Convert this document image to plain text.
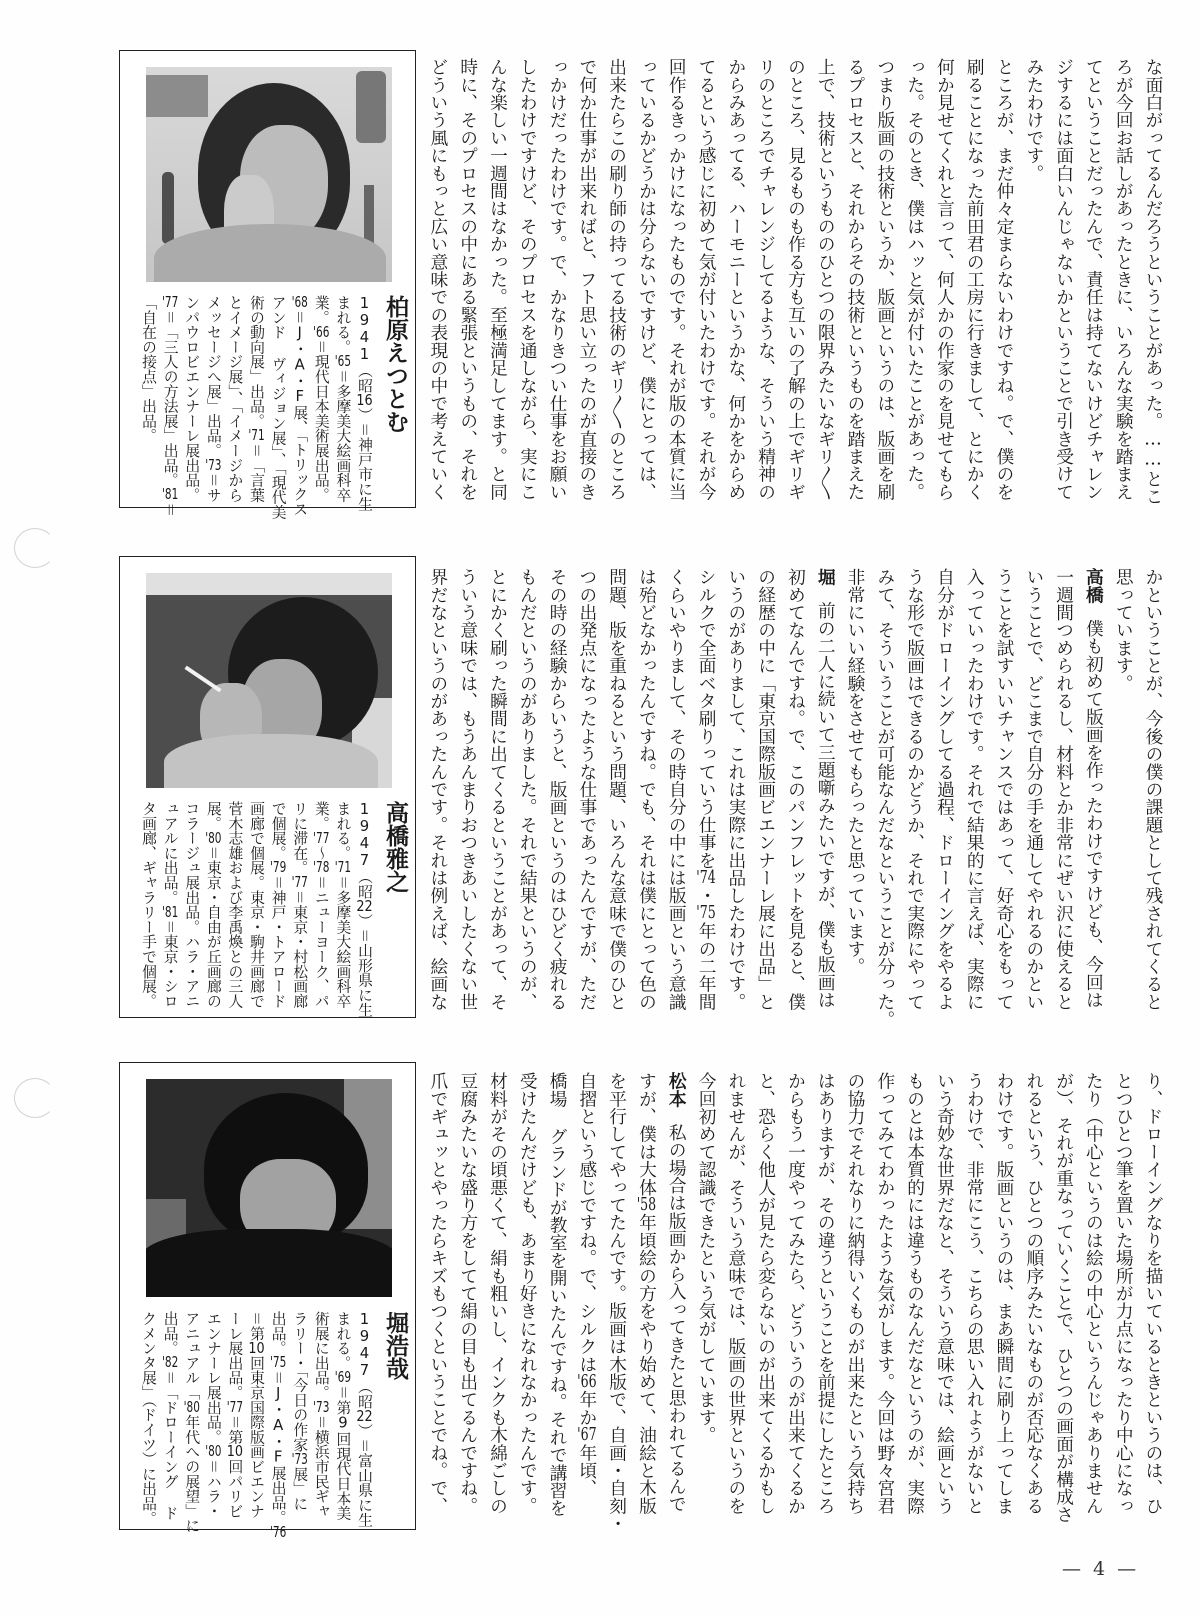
柏原えつとむ
1941（昭16）＝神戸市に生
まれる。'65＝多摩美大絵画科卒
業。'66＝現代日本美術展出品。
'68＝J・A・F展、「トリックス
アンド ヴィジョン展」、「現代美
術の動向展」出品。'71＝「言葉
とイメージ展」、「イメージから
メッセージへ展」出品。'73＝サ
ンパウロビエンナーレ展出品。
'77＝「三人の方法展」出品。'81＝
「自在の接点」出品。
高橋雅之
1947（昭22）＝山形県に生
まれる。'71＝多摩美大絵画科卒
業。'77〜'78＝ニューヨーク、パ
リに滞在。'77＝東京・村松画廊
で個展。'79＝神戸・トアロード
画廊で個展。東京・駒井画廊で
菅木志雄および李禹煥との三人
展。'80＝東京・自由が丘画廊の
コラージュ展出品。ハラ・アニ
ュアルに出品。'81＝東京・シロ
タ画廊、ギャラリー手で個展。
堀浩哉
1947（昭22）＝富山県に生
まれる。'69＝第9回現代日本美
術展に出品。'73＝横浜市民ギャ
ラリー・「今日の作家'73展」に
出品。'75＝J・A・F展出品。'76
＝第10回東京国際版画ビエンナ
ーレ展出品。'77＝第10回パリビ
エンナーレ展出品。'80＝ハラ・
アニュアル「'80年代への展望」に
出品。'82＝「ドローイング ド
クメンタ展」（ドイツ）に出品。
な面白がってるんだろうということがあった。……とこ
ろが今回お話しがあったときに、いろんな実験を踏まえ
てということだったんで、責任は持てないけどチャレン
ジするには面白いんじゃないかということで引き受けて
みたわけです。
ところが、まだ仲々定まらないわけですね。で、僕のを
刷ることになった前田君の工房に行きまして、とにかく
何か見せてくれと言って、何人かの作家のを見せてもら
った。そのとき、僕はハッと気が付いたことがあった。
つまり版画の技術というか、版画というのは、版画を刷
るプロセスと、それからその技術というものを踏まえた
上で、技術というもののひとつの限界みたいなギリ〱
のところ、見るものも作る方も互いの了解の上でギリギ
リのところでチャレンジしてるような、そういう精神の
からみあってる、ハーモニーというかな、何かをからめ
てるという感じに初めて気が付いたわけです。それが今
回作るきっかけになったものです。それが版の本質に当
っているかどうかは分らないですけど、僕にとっては、
出来たらこの刷り師の持ってる技術のギリ〱のところ
で何か仕事が出来ればと、フト思い立ったのが直接のき
っかけだったわけです。で、かなりきつい仕事をお願い
したわけですけど、そのプロセスを通しながら、実にこ
んな楽しい一週間はなかった。至極満足してます。と同
時に、そのプロセスの中にある緊張というもの、それを
どういう風にもっと広い意味での表現の中で考えていく
かということが、今後の僕の課題として残されてくると
思っています。
高橋僕も初めて版画を作ったわけですけども、今回は
一週間つめられるし、材料とか非常にぜい沢に使えると
いうことで、どこまで自分の手を通してやれるのかとい
うことを試すいいチャンスではあって、好奇心をもって
入っていったわけです。それで結果的に言えば、実際に
自分がドローイングしてる過程、ドローイングをやるよ
うな形で版画はできるのかどうか、それで実際にやって
みて、そういうことが可能なんだなということが分った。
非常にいい経験をさせてもらったと思っています。
堀前の二人に続いて三題噺みたいですが、僕も版画は
初めてなんですね。で、このパンフレットを見ると、僕
の経歴の中に「東京国際版画ビエンナーレ展に出品」と
いうのがありまして、これは実際に出品したわけです。
シルクで全面ベタ刷りっていう仕事を'74・'75年の二年間
くらいやりまして、その時自分の中には版画という意識
は殆どなかったんですね。でも、それは僕にとって色の
問題、版を重ねるという問題、いろんな意味で僕のひと
つの出発点になったような仕事であったんですが、ただ
その時の経験からいうと、版画というのはひどく疲れる
もんだというのがありました。それで結果というのが、
とにかく刷った瞬間に出てくるということがあって、そ
ういう意味では、もうあんまりおつきあいしたくない世
界だなというのがあったんです。それは例えば、絵画な
り、ドローイングなりを描いているときというのは、ひ
とつひとつ筆を置いた場所が力点になったり中心になっ
たり（中心というのは絵の中心というんじゃありません
が）、それが重なっていくことで、ひとつの画面が構成さ
れるという、ひとつの順序みたいなものが否応なくある
わけです。版画というのは、まあ瞬間に刷り上ってしま
うわけで、非常にこう、こちらの思い入れようがないと
いう奇妙な世界だなと、そういう意味では、絵画という
ものとは本質的には違うものなんだなというのが、実際
作ってみてわかったような気がします。今回は野々宮君
の協力でそれなりに納得いくものが出来たという気持ち
はありますが、その違うということを前提にしたところ
からもう一度やってみたら、どういうのが出来てくるか
と、恐らく他人が見たら変らないのが出来てくるかもし
れませんが、そういう意味では、版画の世界というのを
今回初めて認識できたという気がしています。
松本私の場合は版画から入ってきたと思われてるんで
すが、僕は大体'58年頃絵の方をやり始めて、油絵と木版
を平行してやってたんです。版画は木版で、自画・自刻・
自摺という感じですね。で、シルクは'66年か'67年頃、
橋場 グランドが教室を開いたんですね。それで講習を
受けたんだけども、あまり好きになれなかったんです。
材料がその頃悪くて、絹も粗いし、インクも木綿ごしの
豆腐みたいな盛り方をしてて絹の目も出てるんですね。
爪でギュッとやったらキズもつくということでね。で、
— 4 —
